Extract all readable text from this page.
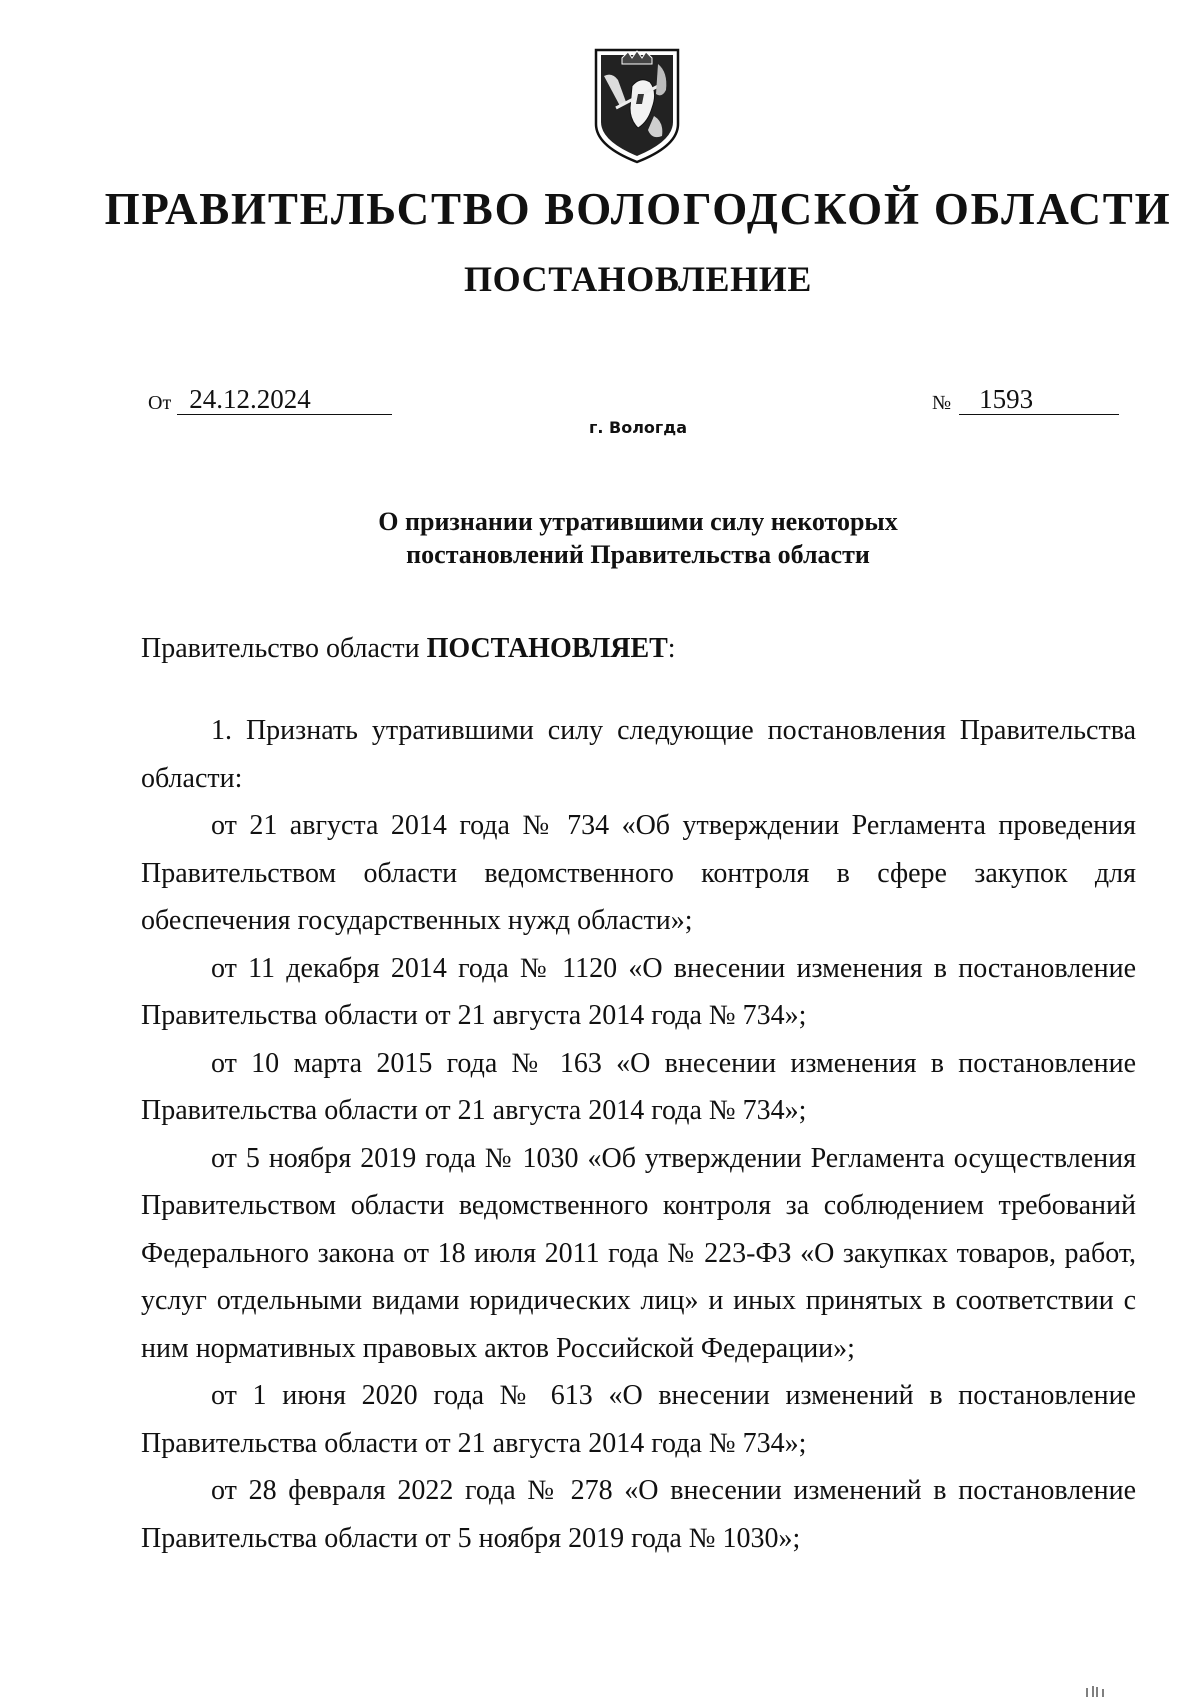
ПРАВИТЕЛЬСТВО ВОЛОГОДСКОЙ ОБЛАСТИ
ПОСТАНОВЛЕНИЕ
От 24.12.2024	№ 1593
г. Вологда
О признании утратившими силу некоторых
постановлений Правительства области
Правительство области ПОСТАНОВЛЯЕТ:

1. Признать утратившими силу следующие постановления Правительства области:

от 21 августа 2014 года № 734 «Об утверждении Регламента проведения Правительством области ведомственного контроля в сфере закупок для обеспечения государственных нужд области»;

от 11 декабря 2014 года № 1120 «О внесении изменения в постановление Правительства области от 21 августа 2014 года № 734»;

от 10 марта 2015 года № 163 «О внесении изменения в постановление Правительства области от 21 августа 2014 года № 734»;

от 5 ноября 2019 года № 1030 «Об утверждении Регламента осуществления Правительством области ведомственного контроля за соблюдением требований Федерального закона от 18 июля 2011 года № 223-ФЗ «О закупках товаров, работ, услуг отдельными видами юридических лиц» и иных принятых в соответствии с ним нормативных правовых актов Российской Федерации»;

от 1 июня 2020 года № 613 «О внесении изменений в постановление Правительства области от 21 августа 2014 года № 734»;

от 28 февраля 2022 года № 278 «О внесении изменений в постановление Правительства области от 5 ноября 2019 года № 1030»;
